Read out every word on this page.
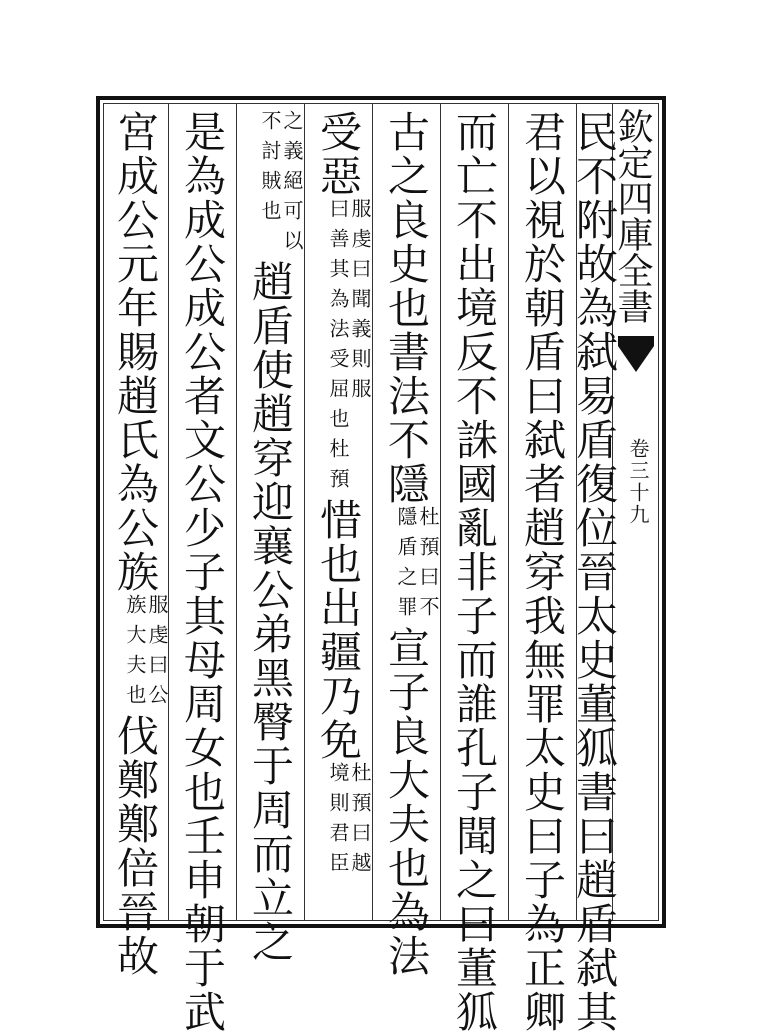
欽定四庫全書
卷三十九
民不附故為弑易盾復位晉太史董狐書曰趙盾弑其
君以視於朝盾曰弑者趙穿我無罪太史曰子為正卿
而亡不出境反不誅國亂非子而誰孔子聞之曰董狐
古之良史也書法不隱
杜預曰不
隱盾之罪
宣子良大夫也為法
受惡
服虔曰聞義則服
曰善其為法受屈也
杜預
惜也出疆乃免
杜預曰越
境則君臣
之義絕可以
不討賊也
趙盾使趙穿迎襄公弟黑臀于周而立之
是為成公成公者文公少子其母周女也壬申朝于武
宮成公元年賜趙氏為公族
服虔曰公
族大夫也
伐鄭鄭倍晉故
